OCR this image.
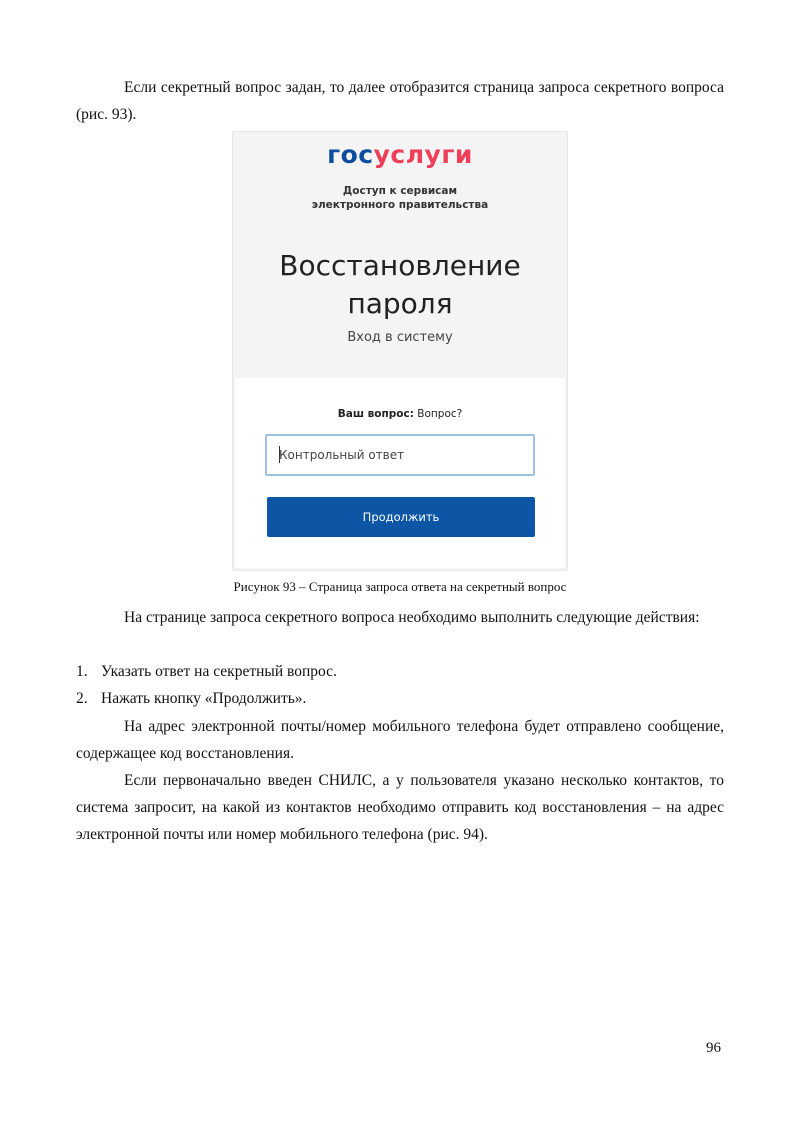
Если секретный вопрос задан, то далее отобразится страница запроса секретного вопроса (рис. 93).

госуслуги
Доступ к сервисам
электронного правительства
Восстановление
пароля
Вход в систему
Ваш вопрос: Вопрос?
Контрольный ответ
Продолжить
Рисунок 93 – Страница запроса ответа на секретный вопрос

На странице запроса секретного вопроса необходимо выполнить следующие действия:

1. Указать ответ на секретный вопрос.
2. Нажать кнопку «Продолжить».

На адрес электронной почты/номер мобильного телефона будет отправлено сообщение, содержащее код восстановления.

Если первоначально введен СНИЛС, а у пользователя указано несколько контактов, то система запросит, на какой из контактов необходимо отправить код восстановления – на адрес электронной почты или номер мобильного телефона (рис. 94).

96
